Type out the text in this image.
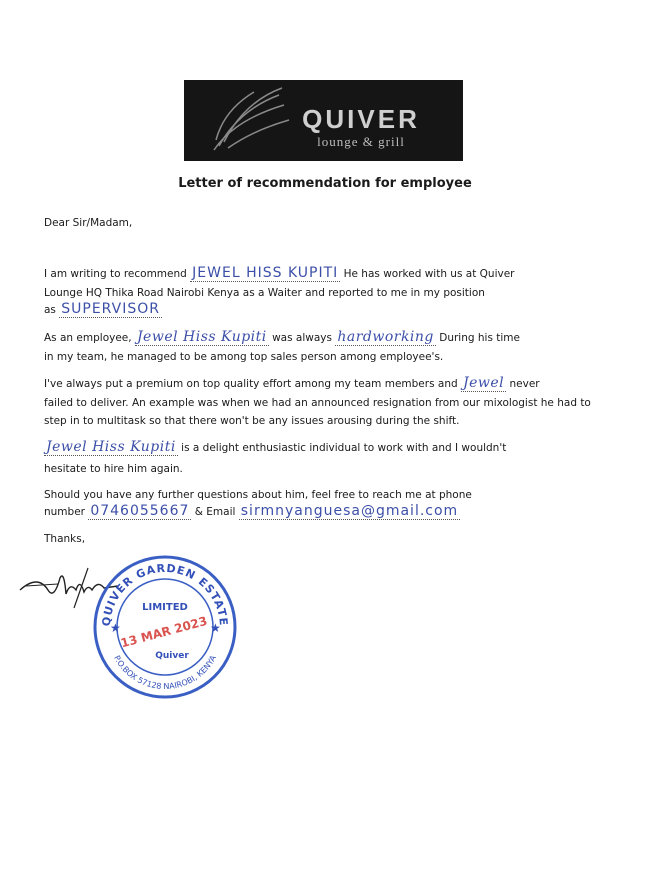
QUIVER
lounge & grill
Letter of recommendation for employee
Dear Sir/Madam,
I am writing to recommend JEWEL HISS KUPITI He has worked with us at Quiver
Lounge HQ Thika Road Nairobi Kenya as a Waiter and reported to me in my position
as SUPERVISOR
As an employee, Jewel Hiss Kupiti was always hardworking During his time
in my team, he managed to be among top sales person among employee's.
I've always put a premium on top quality effort among my team members and Jewel never
failed to deliver. An example was when we had an announced resignation from our mixologist he had to
step in to multitask so that there won't be any issues arousing during the shift.
Jewel Hiss Kupiti is a delight enthusiastic individual to work with and I wouldn't
hesitate to hire him again.
Should you have any further questions about him, feel free to reach me at phone
number 0746055667 & Email sirmnyanguesa@gmail.com
Thanks,
QUIVER GARDEN ESTATE
P.O.BOX 57128 NAIROBI, KENYA
★	★
LIMITED
13 MAR 2023
Quiver
